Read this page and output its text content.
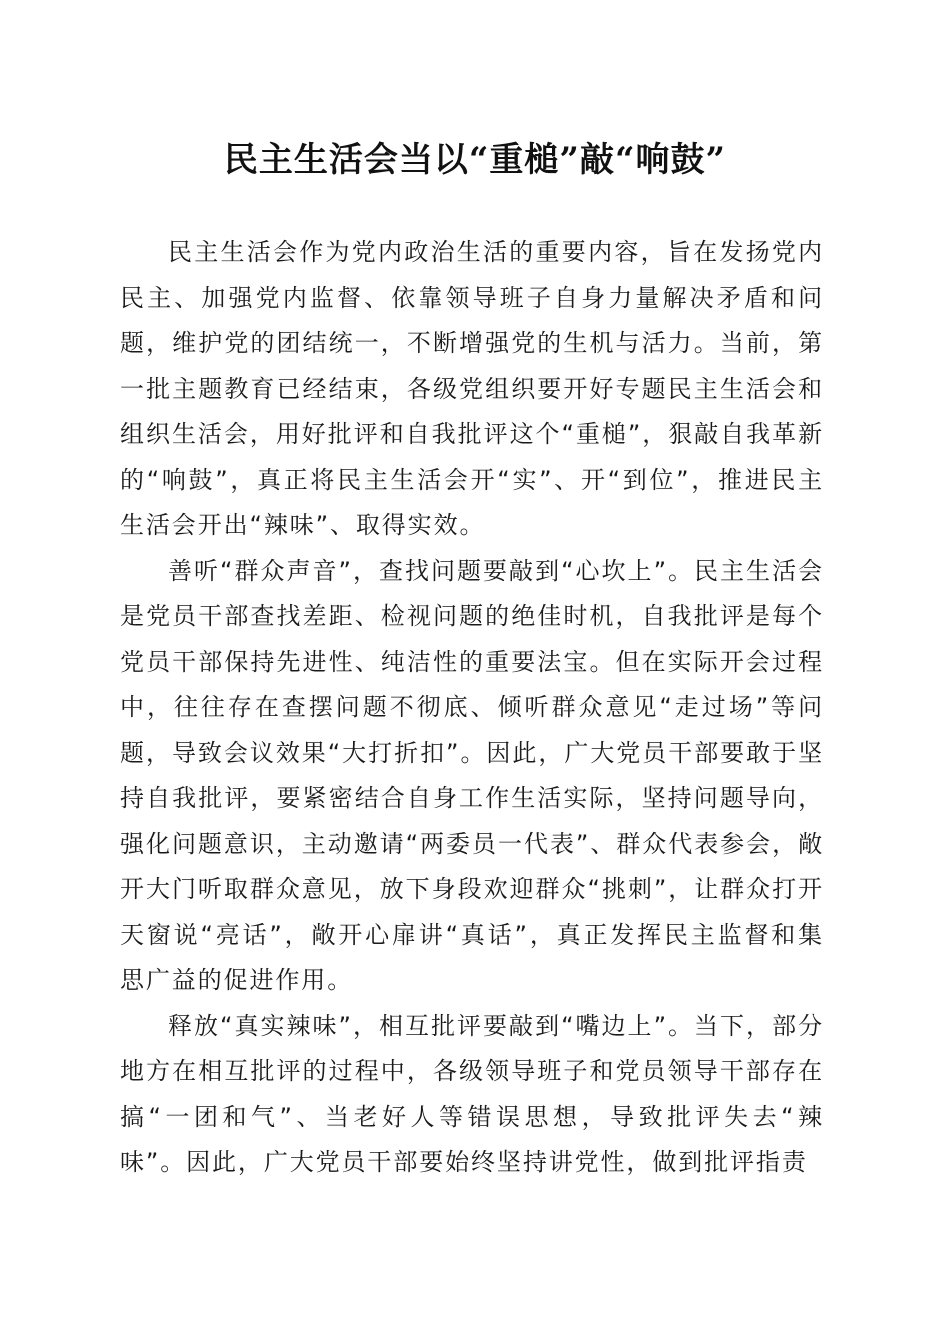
民主生活会当以“重槌”敲“响鼓”

民主生活会作为党内政治生活的重要内容，旨在发扬党内民主、加强党内监督、依靠领导班子自身力量解决矛盾和问题，维护党的团结统一，不断增强党的生机与活力。当前，第一批主题教育已经结束，各级党组织要开好专题民主生活会和组织生活会，用好批评和自我批评这个“重槌”，狠敲自我革新的“响鼓”，真正将民主生活会开“实”、开“到位”，推进民主生活会开出“辣味”、取得实效。

善听“群众声音”，查找问题要敲到“心坎上”。民主生活会是党员干部查找差距、检视问题的绝佳时机，自我批评是每个党员干部保持先进性、纯洁性的重要法宝。但在实际开会过程中，往往存在查摆问题不彻底、倾听群众意见“走过场”等问题，导致会议效果“大打折扣”。因此，广大党员干部要敢于坚持自我批评，要紧密结合自身工作生活实际，坚持问题导向，强化问题意识，主动邀请“两委员一代表”、群众代表参会，敞开大门听取群众意见，放下身段欢迎群众“挑刺”，让群众打开天窗说“亮话”，敞开心扉讲“真话”，真正发挥民主监督和集思广益的促进作用。

释放“真实辣味”，相互批评要敲到“嘴边上”。当下，部分地方在相互批评的过程中，各级领导班子和党员领导干部存在搞“一团和气”、当老好人等错误思想，导致批评失去“辣味”。因此，广大党员干部要始终坚持讲党性，做到批评指责
